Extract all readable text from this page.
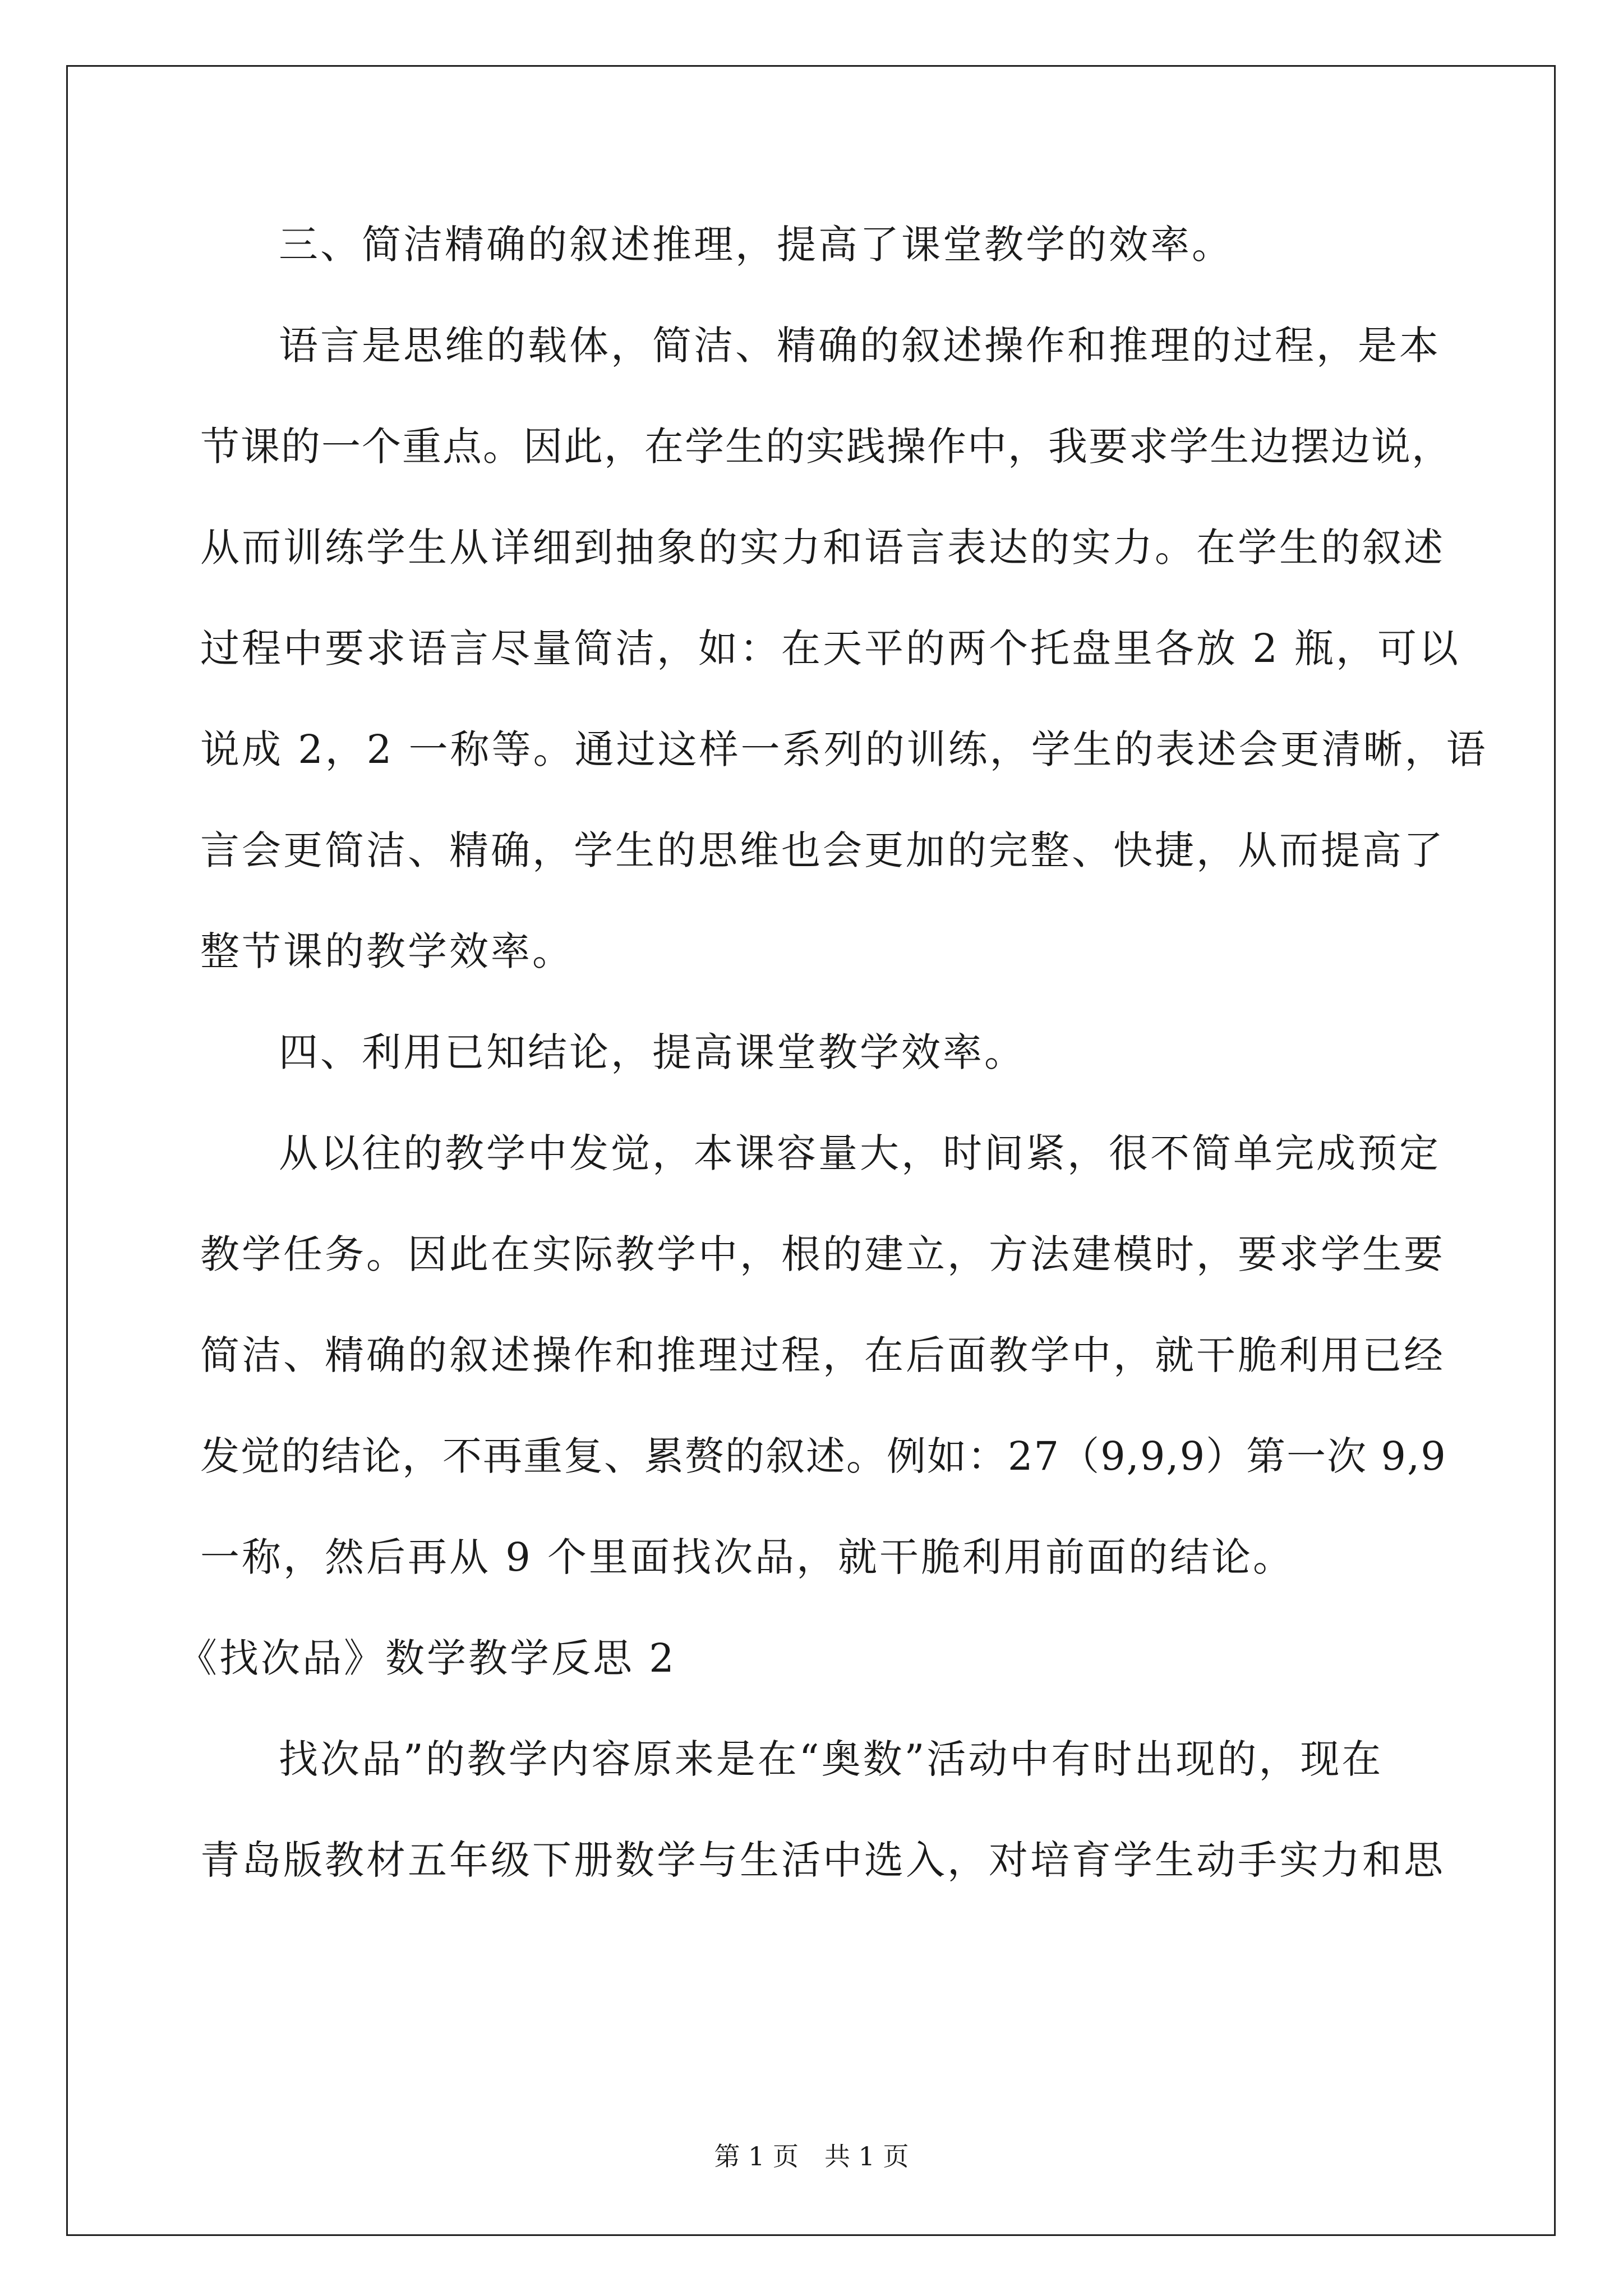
三、简洁精确的叙述推理，提高了课堂教学的效率。
语言是思维的载体，简洁、精确的叙述操作和推理的过程，是本
节课的一个重点。因此，在学生的实践操作中，我要求学生边摆边说，
从而训练学生从详细到抽象的实力和语言表达的实力。在学生的叙述
过程中要求语言尽量简洁，如：在天平的两个托盘里各放 2 瓶，可以
说成 2，2 一称等。通过这样一系列的训练，学生的表述会更清晰，语
言会更简洁、精确，学生的思维也会更加的完整、快捷，从而提高了
整节课的教学效率。
四、利用已知结论，提高课堂教学效率。
从以往的教学中发觉，本课容量大，时间紧，很不简单完成预定
教学任务。因此在实际教学中，根的建立，方法建模时，要求学生要
简洁、精确的叙述操作和推理过程，在后面教学中，就干脆利用已经
发觉的结论，不再重复、累赘的叙述。例如：27（9,9,9）第一次 9,9
一称，然后再从 9 个里面找次品，就干脆利用前面的结论。
《找次品》数学教学反思 2
找次品”的教学内容原来是在“奥数”活动中有时出现的，现在
青岛版教材五年级下册数学与生活中选入，对培育学生动手实力和思
第 1 页　共 1 页
